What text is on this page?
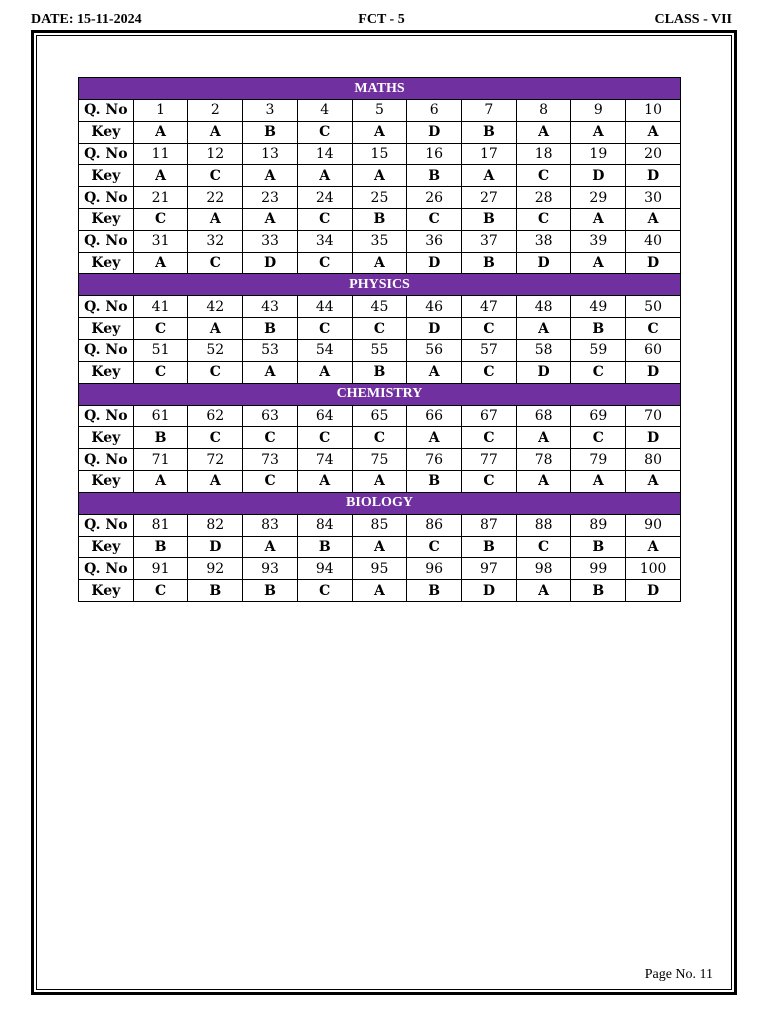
DATE: 15-11-2024	FCT - 5	CLASS - VII
MATHS										
Q. No	1	2	3	4	5	6	7	8	9	10
Key	A	A	B	C	A	D	B	A	A	A
Q. No	11	12	13	14	15	16	17	18	19	20
Key	A	C	A	A	A	B	A	C	D	D
Q. No	21	22	23	24	25	26	27	28	29	30
Key	C	A	A	C	B	C	B	C	A	A
Q. No	31	32	33	34	35	36	37	38	39	40
Key	A	C	D	C	A	D	B	D	A	D
PHYSICS										
Q. No	41	42	43	44	45	46	47	48	49	50
Key	C	A	B	C	C	D	C	A	B	C
Q. No	51	52	53	54	55	56	57	58	59	60
Key	C	C	A	A	B	A	C	D	C	D
CHEMISTRY										
Q. No	61	62	63	64	65	66	67	68	69	70
Key	B	C	C	C	C	A	C	A	C	D
Q. No	71	72	73	74	75	76	77	78	79	80
Key	A	A	C	A	A	B	C	A	A	A
BIOLOGY										
Q. No	81	82	83	84	85	86	87	88	89	90
Key	B	D	A	B	A	C	B	C	B	A
Q. No	91	92	93	94	95	96	97	98	99	100
Key	C	B	B	C	A	B	D	A	B	D
Page No. 11
